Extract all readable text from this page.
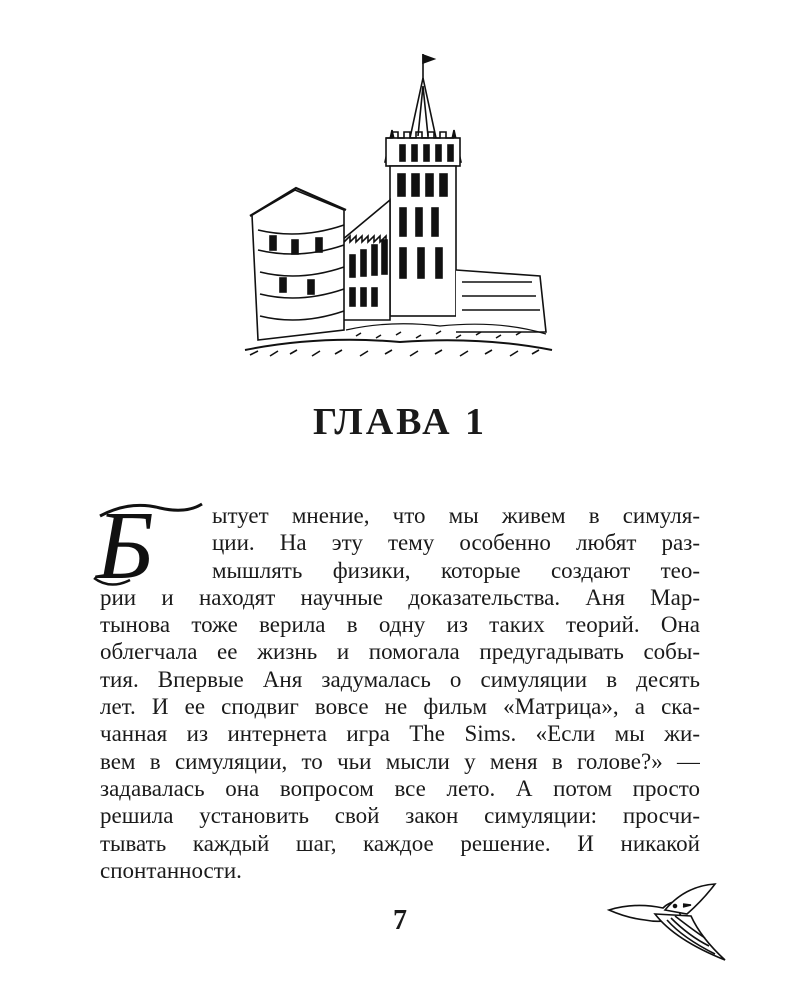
ГЛАВА 1
Б	ытует мнение, что мы живем в симуля-
ции. На эту тему особенно любят раз-
мышлять физики, которые создают тео-
рии и находят научные доказательства. Аня Мар-
тынова тоже верила в одну из таких теорий. Она
облегчала ее жизнь и помогала предугадывать собы-
тия. Впервые Аня задумалась о симуляции в десять
лет. И ее сподвиг вовсе не фильм «Матрица», а ска-
чанная из интернета игра The Sims. «Если мы жи-
вем в симуляции, то чьи мысли у меня в голове?» —
задавалась она вопросом все лето. А потом просто
решила установить свой закон симуляции: просчи-
тывать каждый шаг, каждое решение. И никакой
спонтанности.
7
